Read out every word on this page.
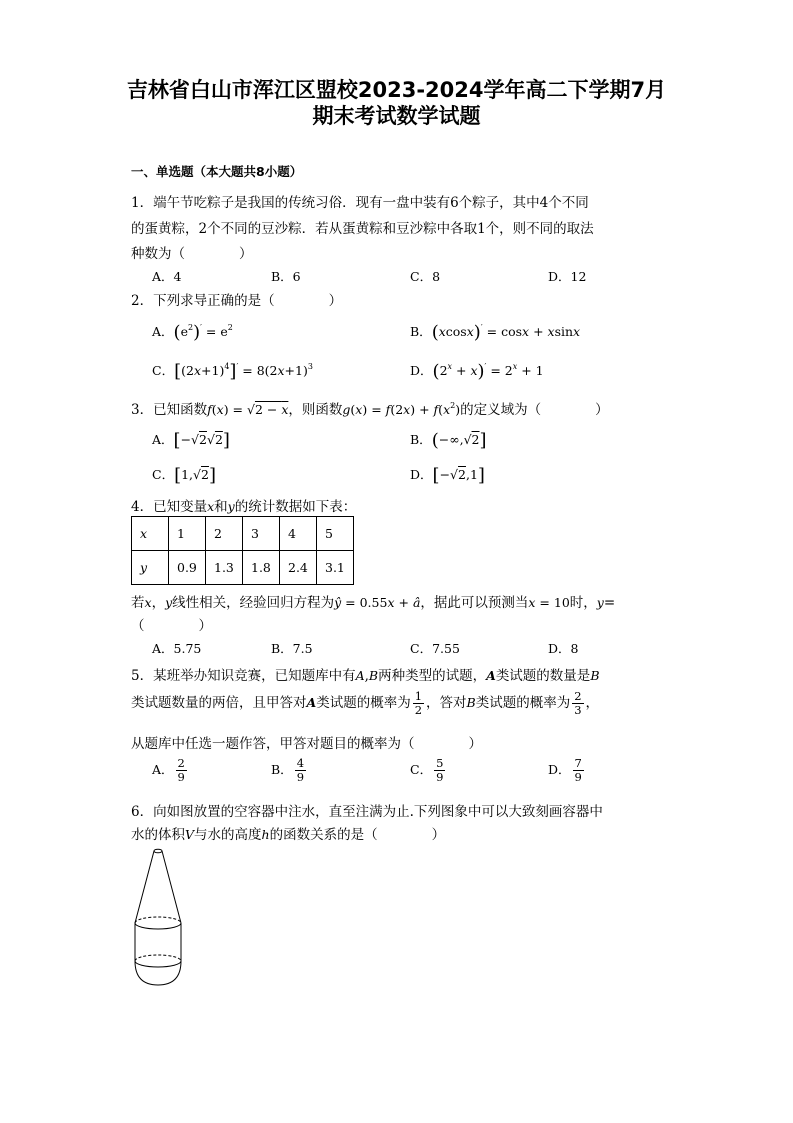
吉林省白山市浑江区盟校2023-2024学年高二下学期7月
期末考试数学试题
一、单选题（本大题共8小题）
1．端午节吃粽子是我国的传统习俗．现有一盘中装有6个粽子，其中4个不同
的蛋黄粽，2个不同的豆沙粽．若从蛋黄粽和豆沙粽中各取1个，则不同的取法
种数为（　　　　）
A．4	B．6	C．8	D．12
2．下列求导正确的是（　　　　）
A．$(e^2)' = e^2$	B．(xcosx)′ = cosx + xsinx
C．$[(2x+1)^4]' = 8(2x+1)^3$	D．$(2^x + x)' = 2^x + 1$
3．已知函数f(x) = √2 − x，则函数$g(x) = f(2x) + f(x^2)$的定义域为（　　　　）
A．[−√2√2]	B．(−∞,√2]
C．[1,√2]	D．[−√2,1]
4．已知变量x和y的统计数据如下表：
x	1	2	3	4	5
y	0.9	1.3	1.8	2.4	3.1
若x，y线性相关，经验回归方程为ŷ = 0.55x + â，据此可以预测当x = 10时，y=
（　　　　）
A．5.75	B．7.5	C．7.55	D．8
5．某班举办知识竞赛，已知题库中有A,B两种类型的试题，A类试题的数量是B
类试题数量的两倍，且甲答对A类试题的概率为 $\frac{1}{2}$ ，答对B类试题的概率为 $\frac{2}{3}$ ，
从题库中任选一题作答，甲答对题目的概率为（　　　　）
A． $\frac{2}{9}$	B． $\frac{4}{9}$	C． $\frac{5}{9}$	D． $\frac{7}{9}$
6．向如图放置的空容器中注水，直至注满为止.下列图象中可以大致刻画容器中
水的体积V与水的高度h的函数关系的是（　　　　）
